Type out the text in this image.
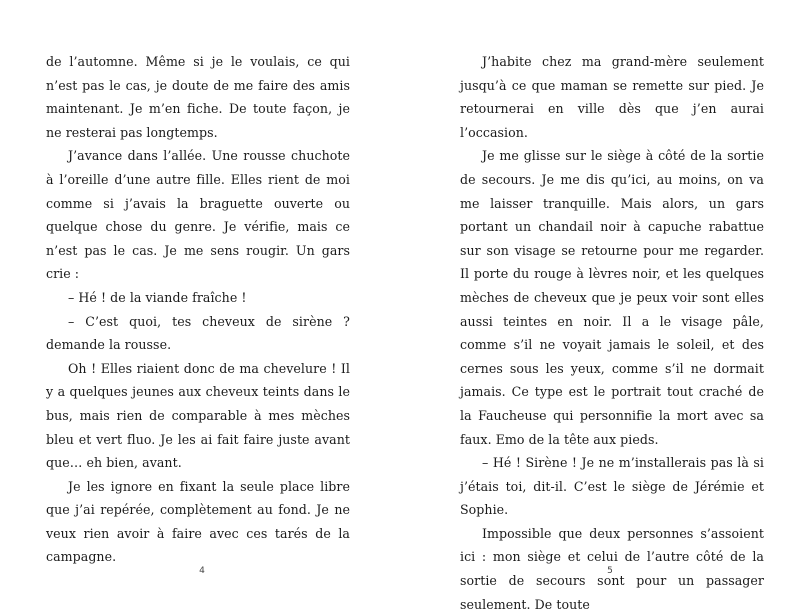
de l’automne. Même si je le voulais, ce qui n’est pas le cas, je doute de me faire des amis maintenant. Je m’en fiche. De toute façon, je ne resterai pas longtemps.

J’avance dans l’allée. Une rousse chuchote à l’oreille d’une autre fille. Elles rient de moi comme si j’avais la braguette ouverte ou quelque chose du genre. Je vérifie, mais ce n’est pas le cas. Je me sens rougir. Un gars crie :

– Hé ! de la viande fraîche !

– C’est quoi, tes cheveux de sirène ? demande la rousse.

Oh ! Elles riaient donc de ma chevelure ! Il y a quelques jeunes aux cheveux teints dans le bus, mais rien de comparable à mes mèches bleu et vert fluo. Je les ai fait faire juste avant que… eh bien, avant.

Je les ignore en fixant la seule place libre que j’ai repérée, complètement au fond. Je ne veux rien avoir à faire avec ces tarés de la campagne.

J’habite chez ma grand-mère seulement jusqu’à ce que maman se remette sur pied. Je retournerai en ville dès que j’en aurai l’occasion.

Je me glisse sur le siège à côté de la sortie de secours. Je me dis qu’ici, au moins, on va me laisser tranquille. Mais alors, un gars portant un chandail noir à capuche rabattue sur son visage se retourne pour me regarder. Il porte du rouge à lèvres noir, et les quelques mèches de cheveux que je peux voir sont elles aussi teintes en noir. Il a le visage pâle, comme s’il ne voyait jamais le soleil, et des cernes sous les yeux, comme s’il ne dormait jamais. Ce type est le portrait tout craché de la Faucheuse qui personnifie la mort avec sa faux. Emo de la tête aux pieds.

– Hé ! Sirène ! Je ne m’installerais pas là si j’étais toi, dit-il. C’est le siège de Jérémie et Sophie.

Impossible que deux personnes s’assoient ici : mon siège et celui de l’autre côté de la sortie de secours sont pour un passager seulement. De toute

4	5
